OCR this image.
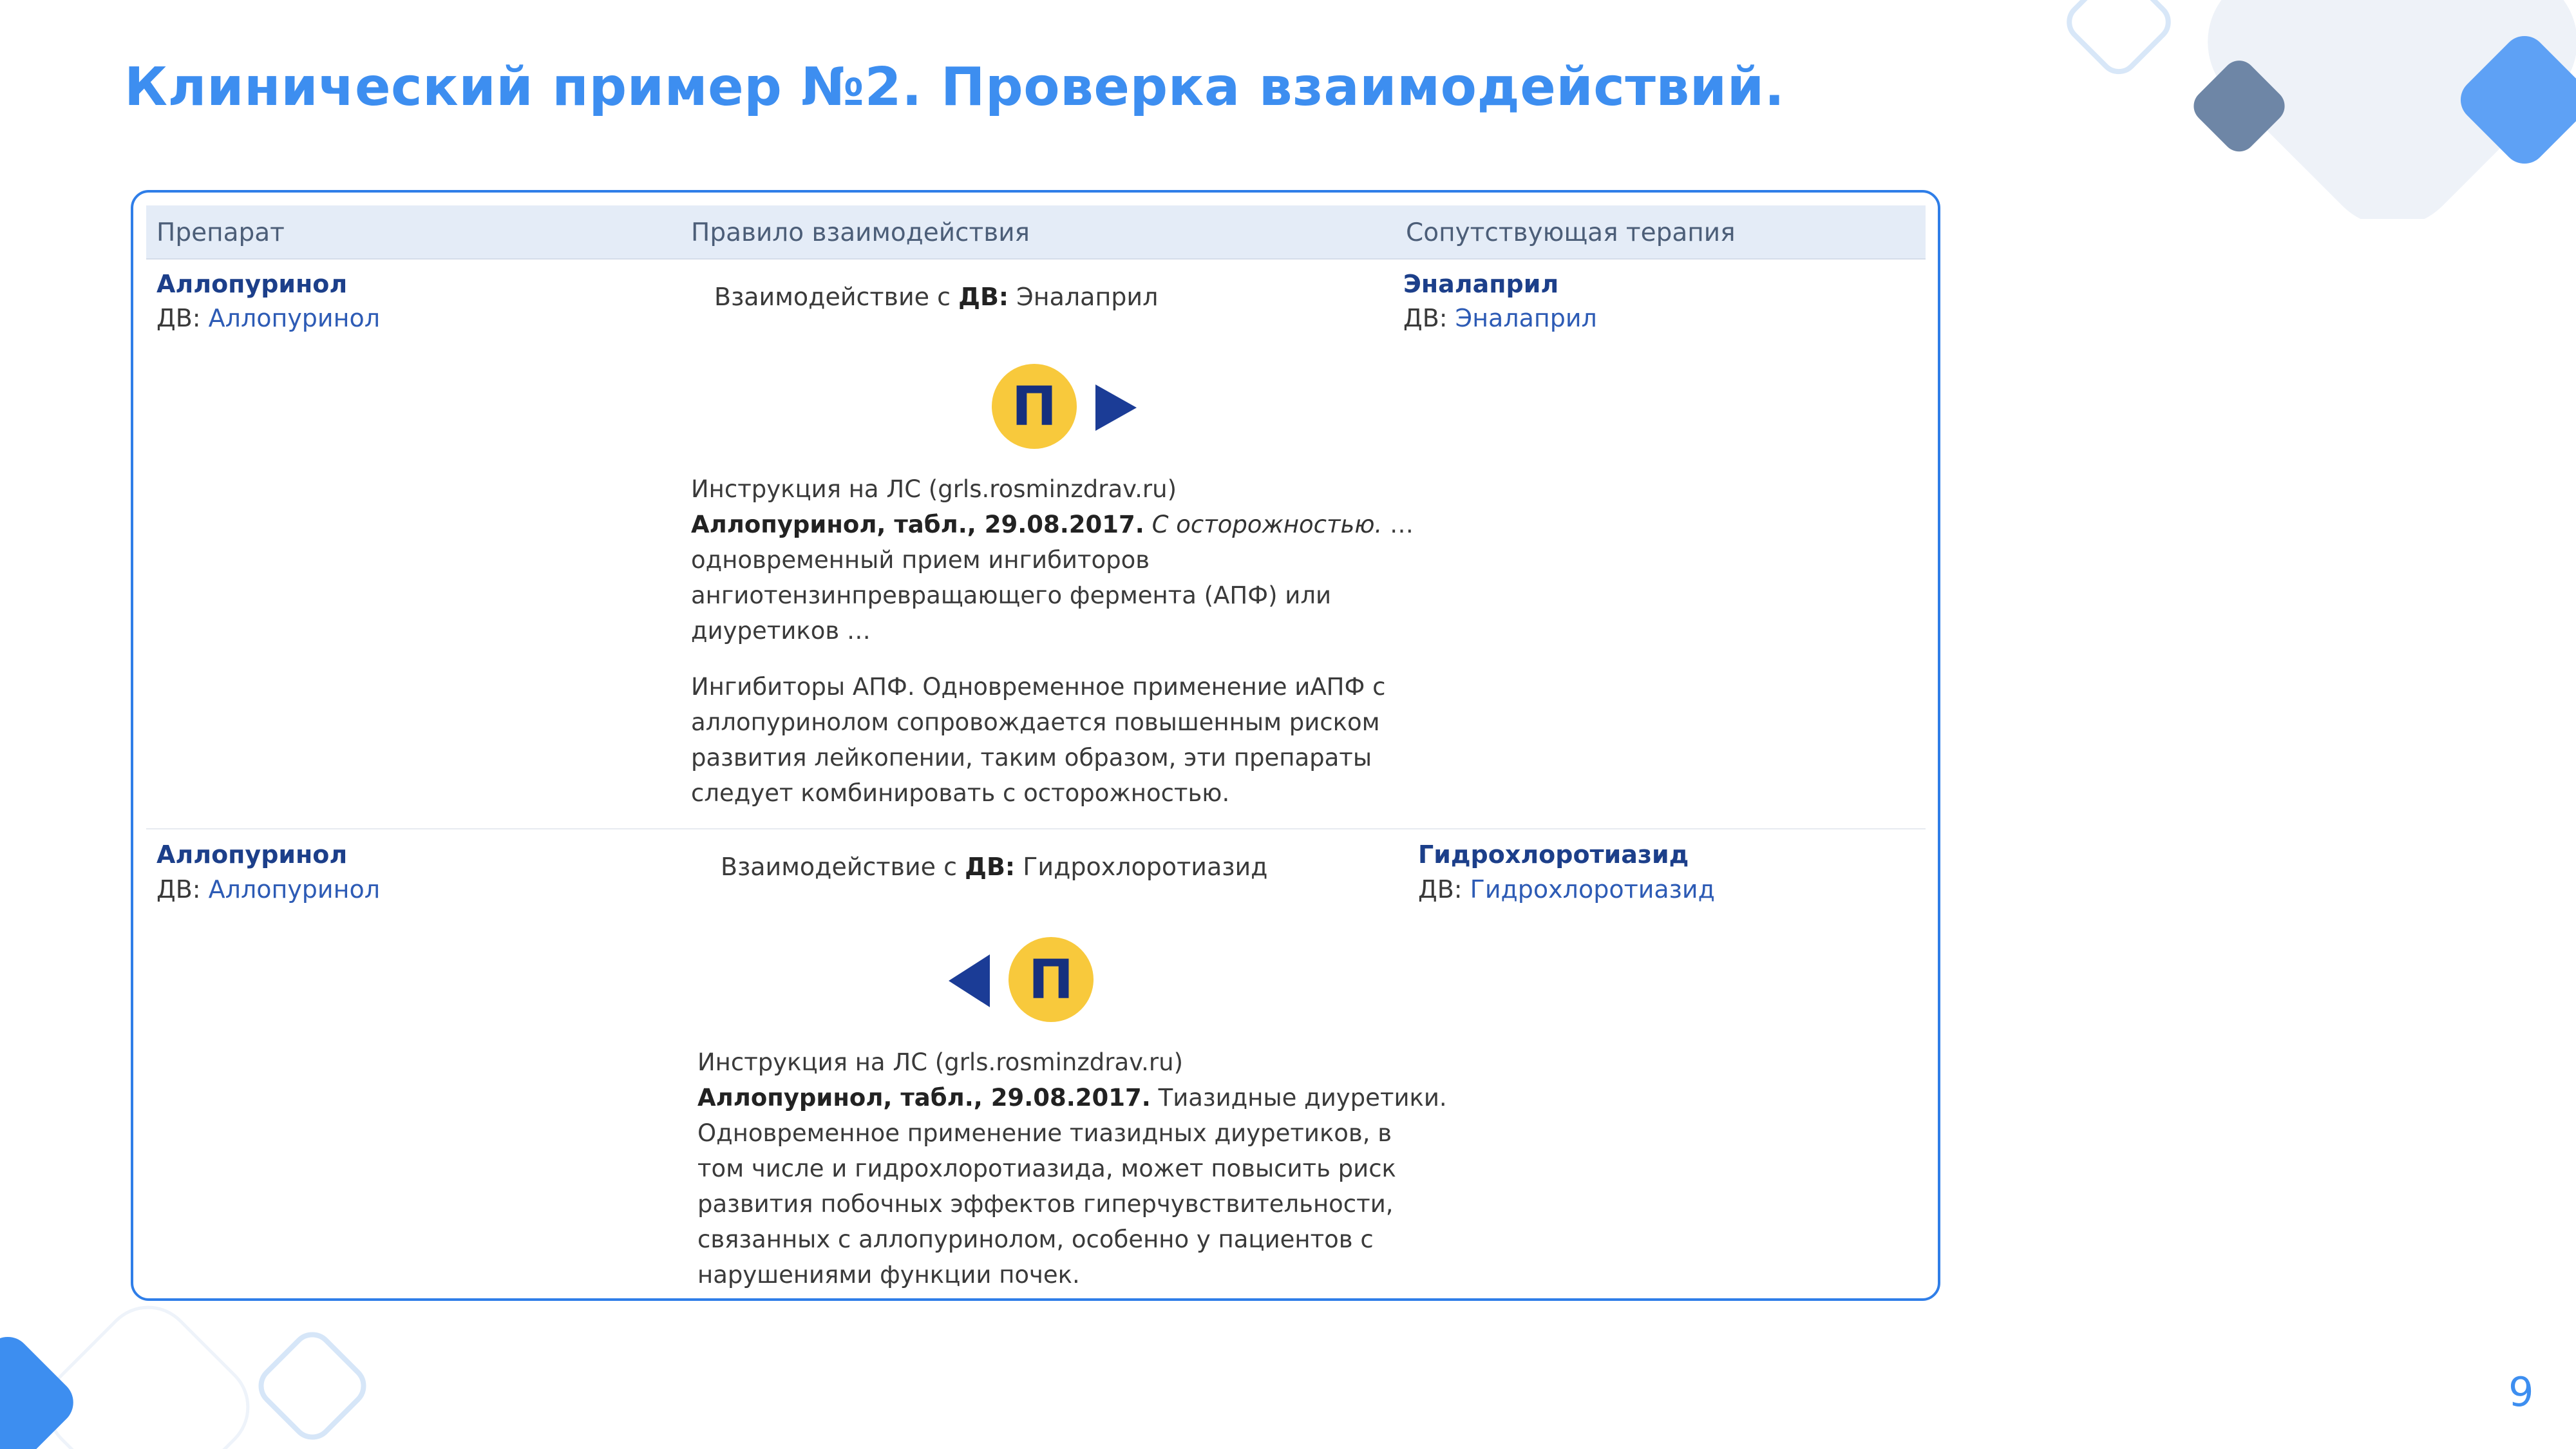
Клинический пример №2. Проверка взаимодействий.
Препарат	Правило взаимодействия	Сопутствующая терапия
Аллопуринол
ДВ: Аллопуринол
Взаимодействие с ДВ: Эналаприл
П
Инструкция на ЛС (grls.rosminzdrav.ru)
Аллопуринол, табл., 29.08.2017. С осторожностью. …
одновременный прием ингибиторов
ангиотензинпревращающего фермента (АПФ) или
диуретиков …
Ингибиторы АПФ. Одновременное применение иАПФ с
аллопуринолом сопровождается повышенным риском
развития лейкопении, таким образом, эти препараты
следует комбинировать с осторожностью.
Эналаприл
ДВ: Эналаприл
Аллопуринол
ДВ: Аллопуринол
Взаимодействие с ДВ: Гидрохлоротиазид
П
Инструкция на ЛС (grls.rosminzdrav.ru)
Аллопуринол, табл., 29.08.2017. Тиазидные диуретики.
Одновременное применение тиазидных диуретиков, в
том числе и гидрохлоротиазида, может повысить риск
развития побочных эффектов гиперчувствительности,
связанных с аллопуринолом, особенно у пациентов с
нарушениями функции почек.
Гидрохлоротиазид
ДВ: Гидрохлоротиазид
9
